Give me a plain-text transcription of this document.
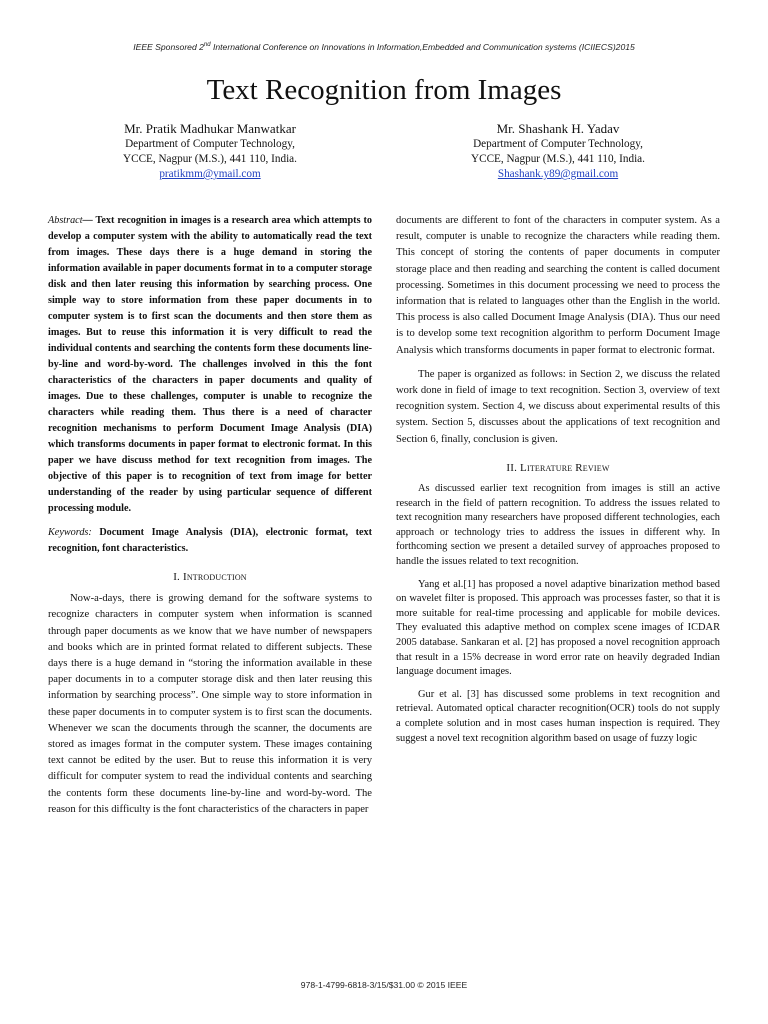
IEEE Sponsored 2nd International Conference on Innovations in Information,Embedded and Communication systems (ICIIECS)2015
Text Recognition from Images
Mr. Pratik Madhukar Manwatkar
Department of Computer Technology,
YCCE, Nagpur (M.S.), 441 110, India.
pratikmm@ymail.com
Mr. Shashank H. Yadav
Department of Computer Technology,
YCCE, Nagpur (M.S.), 441 110, India.
Shashank.y89@gmail.com

Abstract— Text recognition in images is a research area which attempts to develop a computer system with the ability to automatically read the text from images. These days there is a huge demand in storing the information available in paper documents format in to a computer storage disk and then later reusing this information by searching process. One simple way to store information from these paper documents in to computer system is to first scan the documents and then store them as images. But to reuse this information it is very difficult to read the individual contents and searching the contents form these documents line-by-line and word-by-word. The challenges involved in this the font characteristics of the characters in paper documents and quality of images. Due to these challenges, computer is unable to recognize the characters while reading them. Thus there is a need of character recognition mechanisms to perform Document Image Analysis (DIA) which transforms documents in paper format to electronic format. In this paper we have discuss method for text recognition from images. The objective of this paper is to recognition of text from image for better understanding of the reader by using particular sequence of different processing module.

Keywords: Document Image Analysis (DIA), electronic format, text recognition, font characteristics.

I. Introduction

Now-a-days, there is growing demand for the software systems to recognize characters in computer system when information is scanned through paper documents as we know that we have number of newspapers and books which are in printed format related to different subjects. These days there is a huge demand in “storing the information available in these paper documents in to a computer storage disk and then later reusing this information by searching process”. One simple way to store information in these paper documents in to computer system is to first scan the documents. Whenever we scan the documents through the scanner, the documents are stored as images format in the computer system. These images containing text cannot be edited by the user. But to reuse this information it is very difficult for computer system to read the individual contents and searching the contents form these documents line-by-line and word-by-word. The reason for this difficulty is the font characteristics of the characters in paper

documents are different to font of the characters in computer system. As a result, computer is unable to recognize the characters while reading them. This concept of storing the contents of paper documents in computer storage place and then reading and searching the content is called document processing. Sometimes in this document processing we need to process the information that is related to languages other than the English in the world. This process is also called Document Image Analysis (DIA). Thus our need is to develop some text recognition algorithm to perform Document Image Analysis which transforms documents in paper format to electronic format.

The paper is organized as follows: in Section 2, we discuss the related work done in field of image to text recognition. Section 3, overview of text recognition system. Section 4, we discuss about experimental results of this system. Section 5, discusses about the applications of text recognition and Section 6, finally, conclusion is given.

II. Literature Review

As discussed earlier text recognition from images is still an active research in the field of pattern recognition. To address the issues related to text recognition many researchers have proposed different technologies, each approach or technology tries to address the issues in different why. In forthcoming section we present a detailed survey of approaches proposed to handle the issues related to text recognition.

Yang et al.[1] has proposed a novel adaptive binarization method based on wavelet filter is proposed. This approach was processes faster, so that it is more suitable for real-time processing and applicable for mobile devices. They evaluated this adaptive method on complex scene images of ICDAR 2005 database. Sankaran et al. [2] has proposed a novel recognition approach that result in a 15% decrease in word error rate on heavily degraded Indian language document images.

Gur et al. [3] has discussed some problems in text recognition and retrieval. Automated optical character recognition(OCR) tools do not supply a complete solution and in most cases human inspection is required. They suggest a novel text recognition algorithm based on usage of fuzzy logic

978-1-4799-6818-3/15/$31.00 © 2015 IEEE
